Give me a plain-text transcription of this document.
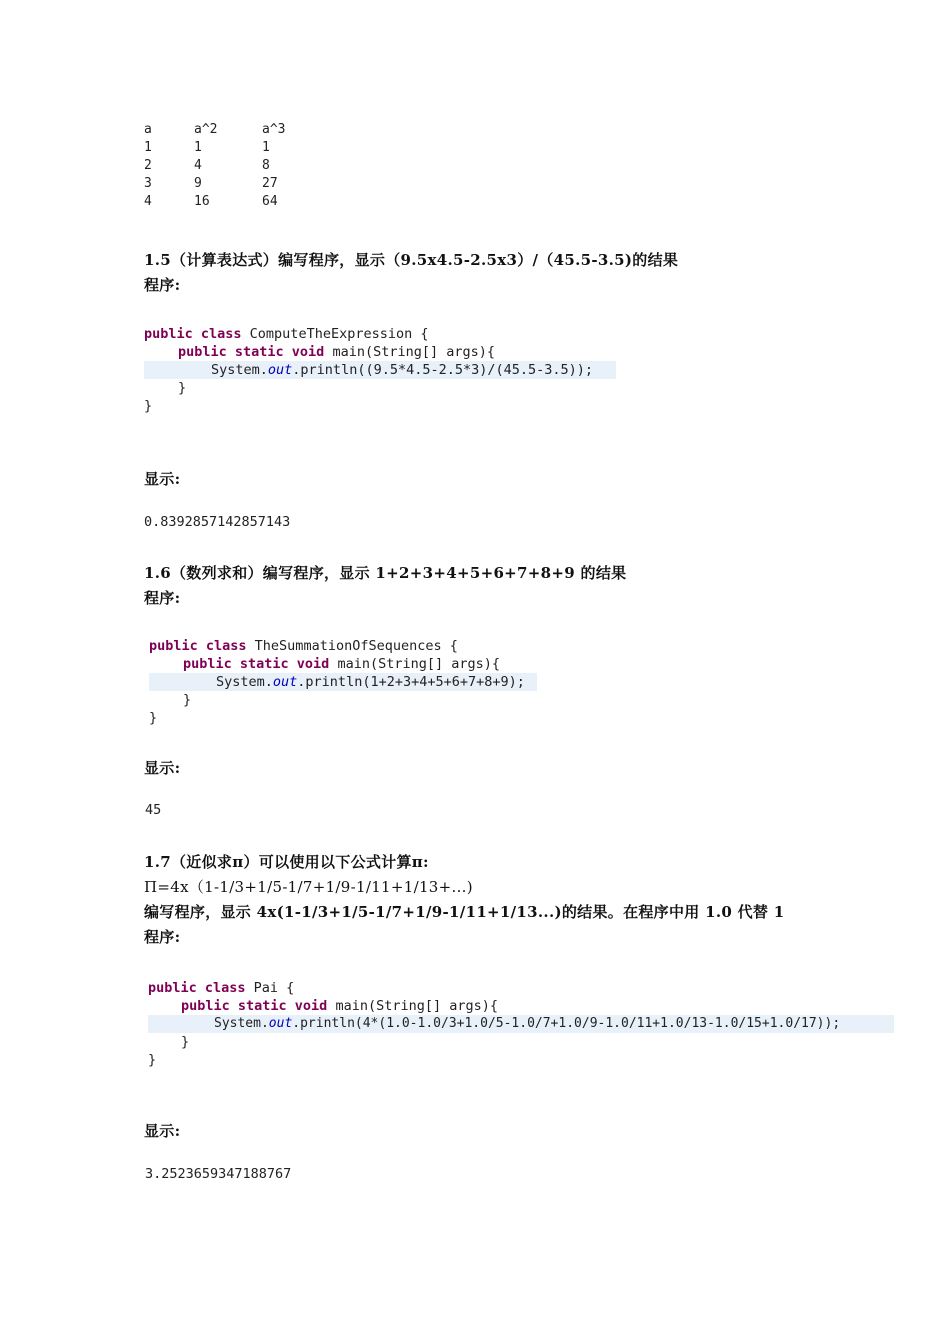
a	a^2	a^3
1	1	1
2	4	8
3	9	27
4	16	64
1.5（计算表达式）编写程序，显示（9.5x4.5-2.5x3）/（45.5-3.5)的结果
程序:
public class ComputeTheExpression {
public static void main(String[] args){
System.out.println((9.5*4.5-2.5*3)/(45.5-3.5));
}
}
显示:
0.8392857142857143
1.6（数列求和）编写程序，显示 1+2+3+4+5+6+7+8+9 的结果
程序:
public class TheSummationOfSequences {
public static void main(String[] args){
System.out.println(1+2+3+4+5+6+7+8+9);
}
}
显示:
45
1.7（近似求π）可以使用以下公式计算π:
Π=4x（1-1/3+1/5-1/7+1/9-1/11+1/13+...)
编写程序，显示 4x(1-1/3+1/5-1/7+1/9-1/11+1/13...)的结果。在程序中用 1.0 代替 1
程序:
public class Pai {
public static void main(String[] args){
System.out.println(4*(1.0-1.0/3+1.0/5-1.0/7+1.0/9-1.0/11+1.0/13-1.0/15+1.0/17));
}
}
显示:
3.2523659347188767
